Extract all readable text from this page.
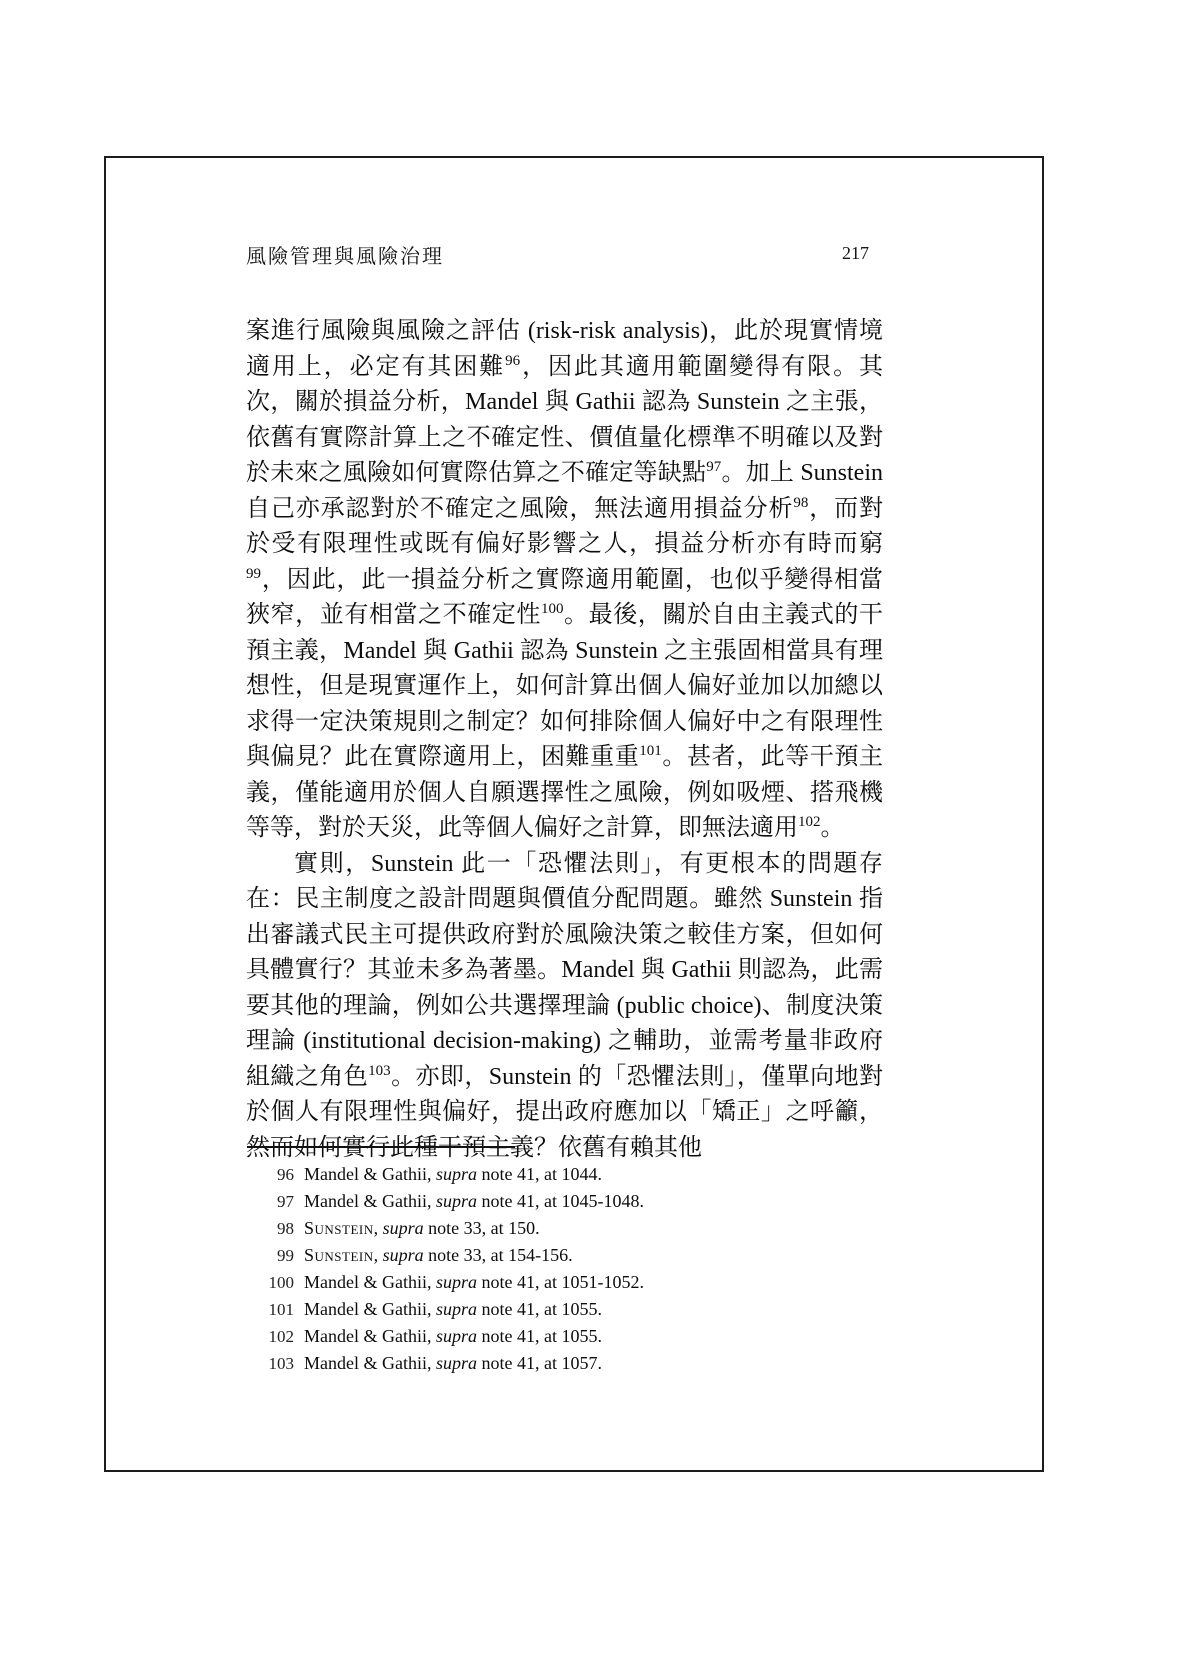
風險管理與風險治理	217

案進行風險與風險之評估 (risk-risk analysis)，此於現實情境適用上，必定有其困難$^{96}$，因此其適用範圍變得有限。其次，關於損益分析，Mandel 與 Gathii 認為 Sunstein 之主張，依舊有實際計算上之不確定性、價值量化標準不明確以及對於未來之風險如何實際估算之不確定等缺點$^{97}$。加上 Sunstein 自己亦承認對於不確定之風險，無法適用損益分析$^{98}$，而對於受有限理性或既有偏好影響之人，損益分析亦有時而窮$^{99}$，因此，此一損益分析之實際適用範圍，也似乎變得相當狹窄，並有相當之不確定性$^{100}$。最後，關於自由主義式的干預主義，Mandel 與 Gathii 認為 Sunstein 之主張固相當具有理想性，但是現實運作上，如何計算出個人偏好並加以加總以求得一定決策規則之制定？如何排除個人偏好中之有限理性與偏見？此在實際適用上，困難重重$^{101}$。甚者，此等干預主義，僅能適用於個人自願選擇性之風險，例如吸煙、搭飛機等等，對於天災，此等個人偏好之計算，即無法適用$^{102}$。

實則，Sunstein 此一「恐懼法則」，有更根本的問題存在：民主制度之設計問題與價值分配問題。雖然 Sunstein 指出審議式民主可提供政府對於風險決策之較佳方案，但如何具體實行？其並未多為著墨。Mandel 與 Gathii 則認為，此需要其他的理論，例如公共選擇理論 (public choice)、制度決策理論 (institutional decision-making) 之輔助，並需考量非政府組織之角色$^{103}$。亦即，Sunstein 的「恐懼法則」，僅單向地對於個人有限理性與偏好，提出政府應加以「矯正」之呼籲，然而如何實行此種干預主義？依舊有賴其他

96 Mandel & Gathii, supra note 41, at 1044.
97 Mandel & Gathii, supra note 41, at 1045-1048.
98 Sunstein, supra note 33, at 150.
99 Sunstein, supra note 33, at 154-156.
100 Mandel & Gathii, supra note 41, at 1051-1052.
101 Mandel & Gathii, supra note 41, at 1055.
102 Mandel & Gathii, supra note 41, at 1055.
103 Mandel & Gathii, supra note 41, at 1057.
